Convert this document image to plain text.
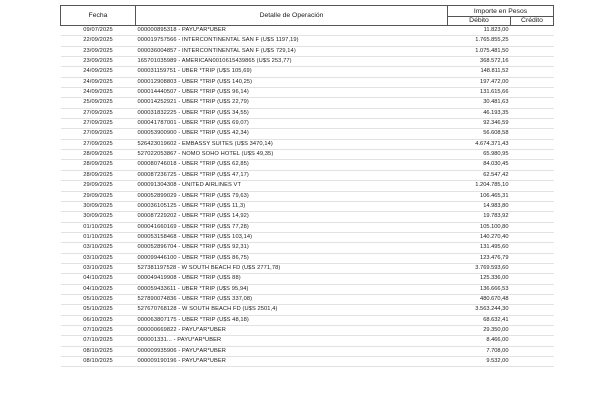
Fecha	Detalle de Operación	Importe en Pesos	
		Débito	Crédito
09/07/2025	000000895318 - PAYU*AR*UBER	11.823,00	
22/09/2025	000019757566 - INTERCONTINENTAL SAN F (U$S 1197,19)	1.765.855,25	
23/09/2025	000036004857 - INTERCONTINENTAL SAN F (U$S 729,14)	1.075.481,50	
23/09/2025	165701035989 - AMERICAN0010615439865 (U$S 253,77)	368.572,16	
24/09/2025	000031159751 - UBER *TRIP (U$S 105,69)	148.811,52	
24/09/2025	000012908803 - UBER *TRIP (U$S 140,25)	197.472,00	
24/09/2025	000014440507 - UBER *TRIP (U$S 96,14)	131.615,66	
25/09/2025	000014252921 - UBER *TRIP (U$S 22,79)	30.481,63	
27/09/2025	000031832225 - UBER *TRIP (U$S 34,55)	46.193,35	
27/09/2025	000041787001 - UBER *TRIP (U$S 69,07)	92.346,59	
27/09/2025	000053900900 - UBER *TRIP (U$S 42,34)	56.608,58	
27/09/2025	526423019602 - EMBASSY SUITES (U$S 3470,14)	4.674.371,43	
28/09/2025	527022053867 - NOMO SOHO HOTEL (U$S 49,35)	65.980,95	
28/09/2025	000080746018 - UBER *TRIP (U$S 62,85)	84.030,45	
28/09/2025	000087236725 - UBER *TRIP (U$S 47,17)	62.547,42	
29/09/2025	000091304308 - UNITED AIRLINES VT	1.204.785,10	
29/09/2025	000052899029 - UBER *TRIP (U$S 79,63)	106.465,31	
30/09/2025	000036105125 - UBER *TRIP (U$S 11,3)	14.983,80	
30/09/2025	000087229202 - UBER *TRIP (U$S 14,92)	19.783,92	
01/10/2025	000041660169 - UBER *TRIP (U$S 77,28)	105.100,80	
01/10/2025	000053158468 - UBER *TRIP (U$S 103,14)	140.270,40	
03/10/2025	000052896704 - UBER *TRIP (U$S 92,31)	131.495,60	
03/10/2025	000099446100 - UBER *TRIP (U$S 86,75)	123.476,79	
03/10/2025	527381197528 - W SOUTH BEACH FD (U$S 2771,78)	3.769.593,60	
04/10/2025	000049419908 - UBER *TRIP (U$S 88)	125.336,00	
04/10/2025	000059433611 - UBER *TRIP (U$S 95,94)	136.666,53	
05/10/2025	527890074836 - UBER *TRIP (U$S 337,08)	480.670,48	
05/10/2025	527670768128 - W SOUTH BEACH FD (U$S 2501,4)	3.563.244,30	
06/10/2025	000063807175 - UBER *TRIP (U$S 48,18)	68.632,41	
07/10/2025	000000669822 - PAYU*AR*UBER	29.350,00	
07/10/2025	000001331... - PAYU*AR*UBER	8.466,00	
08/10/2025	000009935906 - PAYU*AR*UBER	7.708,00	
08/10/2025	000009190196 - PAYU*AR*UBER	9.532,00	
